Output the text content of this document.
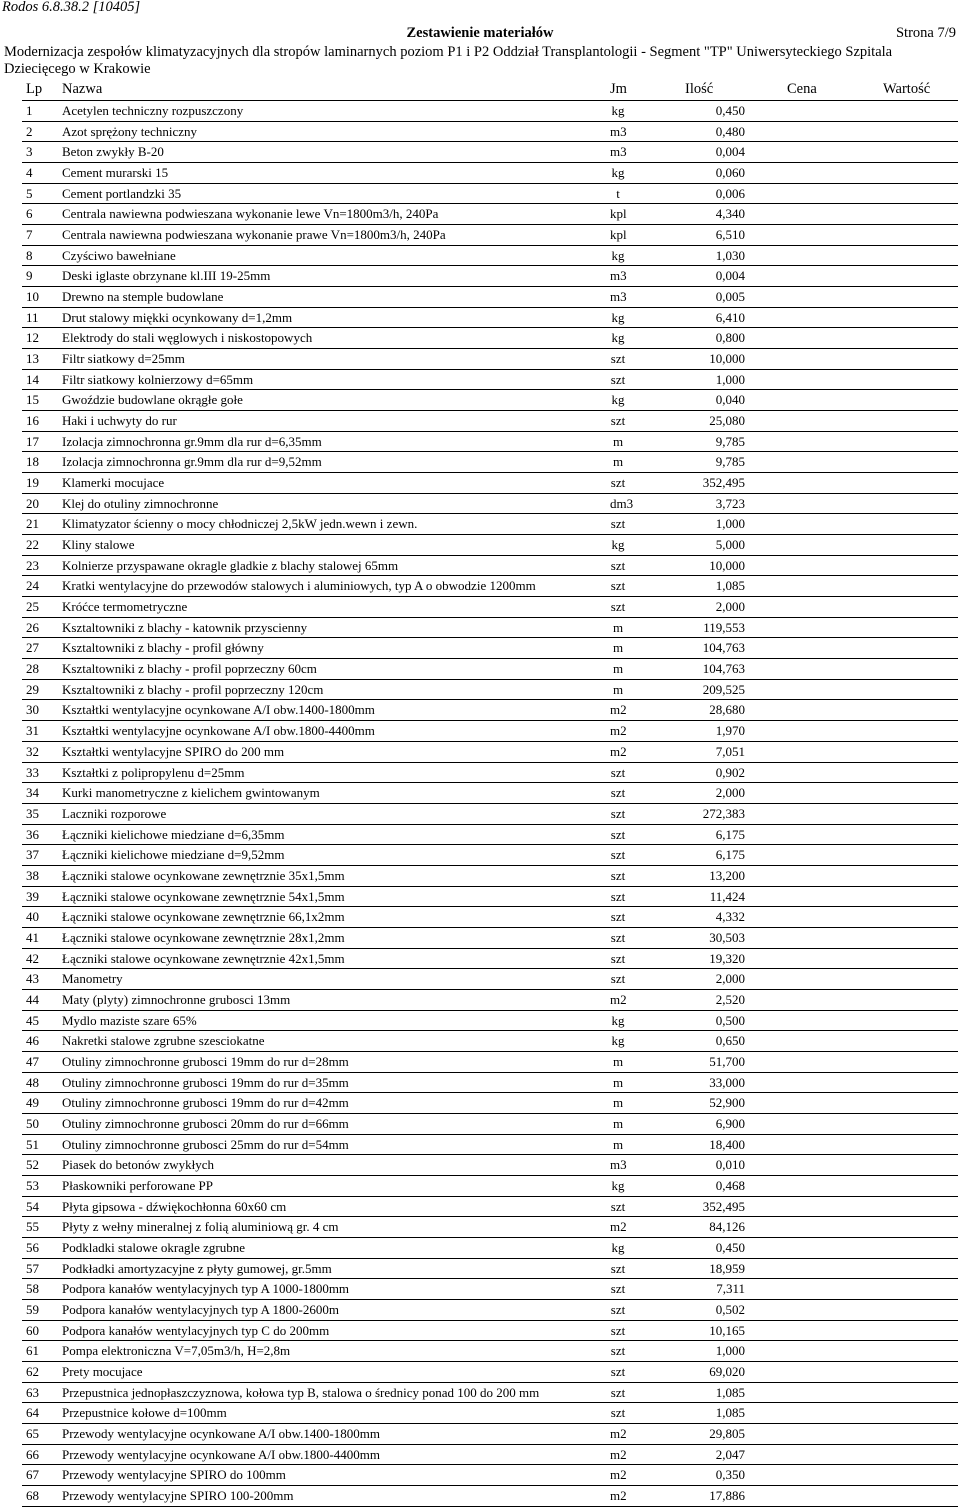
Rodos 6.8.38.2 [10405]
Zestawienie materiałów	Strona 7/9
Modernizacja zespołów klimatyzacyjnych dla stropów laminarnych poziom P1 i P2 Oddział Transplantologii - Segment "TP" Uniwersyteckiego Szpitala Dziecięcego w Krakowie
Lp Nazwa	Jm	Ilość	Cena	Wartość
1 Acetylen techniczny rozpuszczony	kg	0,450
2 Azot sprężony techniczny	m3	0,480
3 Beton zwykły B-20	m3	0,004
4 Cement murarski 15	kg	0,060
5 Cement portlandzki 35	t	0,006
6 Centrala nawiewna podwieszana wykonanie lewe Vn=1800m3/h, 240Pa	kpl	4,340
7 Centrala nawiewna podwieszana wykonanie prawe Vn=1800m3/h, 240Pa	kpl	6,510
8 Czyściwo bawełniane	kg	1,030
9 Deski iglaste obrzynane kl.III 19-25mm	m3	0,004
10 Drewno na stemple budowlane	m3	0,005
11 Drut stalowy miękki ocynkowany d=1,2mm	kg	6,410
12 Elektrody do stali węglowych i niskostopowych	kg	0,800
13 Filtr siatkowy d=25mm	szt	10,000
14 Filtr siatkowy kolnierzowy d=65mm	szt	1,000
15 Gwoździe budowlane okrągłe gołe	kg	0,040
16 Haki i uchwyty do rur	szt	25,080
17 Izolacja zimnochronna gr.9mm dla rur d=6,35mm	m	9,785
18 Izolacja zimnochronna gr.9mm dla rur d=9,52mm	m	9,785
19 Klamerki mocujace	szt	352,495
20 Klej do otuliny zimnochronne	dm3	3,723
21 Klimatyzator ścienny o mocy chłodniczej 2,5kW jedn.wewn i zewn.	szt	1,000
22 Kliny stalowe	kg	5,000
23 Kolnierze przyspawane okragle gladkie z blachy stalowej 65mm	szt	10,000
24 Kratki wentylacyjne do przewodów stalowych i aluminiowych, typ A o obwodzie 1200mm	szt	1,085
25 Króćce termometryczne	szt	2,000
26 Ksztaltowniki z blachy - katownik przyscienny	m	119,553
27 Ksztaltowniki z blachy - profil główny	m	104,763
28 Ksztaltowniki z blachy - profil poprzeczny 60cm	m	104,763
29 Ksztaltowniki z blachy - profil poprzeczny 120cm	m	209,525
30 Kształtki wentylacyjne ocynkowane A/I obw.1400-1800mm	m2	28,680
31 Kształtki wentylacyjne ocynkowane A/I obw.1800-4400mm	m2	1,970
32 Kształtki wentylacyjne SPIRO do 200 mm	m2	7,051
33 Kształtki z polipropylenu d=25mm	szt	0,902
34 Kurki manometryczne z kielichem gwintowanym	szt	2,000
35 Laczniki rozporowe	szt	272,383
36 Łączniki kielichowe miedziane d=6,35mm	szt	6,175
37 Łączniki kielichowe miedziane d=9,52mm	szt	6,175
38 Łączniki stalowe ocynkowane zewnętrznie 35x1,5mm	szt	13,200
39 Łączniki stalowe ocynkowane zewnętrznie 54x1,5mm	szt	11,424
40 Łączniki stalowe ocynkowane zewnętrznie 66,1x2mm	szt	4,332
41 Łączniki stalowe ocynkowane zewnętrznie 28x1,2mm	szt	30,503
42 Łączniki stalowe ocynkowane zewnętrznie 42x1,5mm	szt	19,320
43 Manometry	szt	2,000
44 Maty (plyty) zimnochronne grubosci 13mm	m2	2,520
45 Mydlo maziste szare 65%	kg	0,500
46 Nakretki stalowe zgrubne szesciokatne	kg	0,650
47 Otuliny zimnochronne grubosci 19mm do rur d=28mm	m	51,700
48 Otuliny zimnochronne grubosci 19mm do rur d=35mm	m	33,000
49 Otuliny zimnochronne grubosci 19mm do rur d=42mm	m	52,900
50 Otuliny zimnochronne grubosci 20mm do rur d=66mm	m	6,900
51 Otuliny zimnochronne grubosci 25mm do rur d=54mm	m	18,400
52 Piasek do betonów zwykłych	m3	0,010
53 Płaskowniki perforowane PP	kg	0,468
54 Płyta gipsowa - dźwiękochłonna 60x60 cm	szt	352,495
55 Płyty z wełny mineralnej z folią aluminiową gr. 4 cm	m2	84,126
56 Podkladki stalowe okragle zgrubne	kg	0,450
57 Podkładki amortyzacyjne z płyty gumowej, gr.5mm	szt	18,959
58 Podpora kanałów wentylacyjnych typ A 1000-1800mm	szt	7,311
59 Podpora kanałów wentylacyjnych typ A 1800-2600m	szt	0,502
60 Podpora kanałów wentylacyjnych typ C do 200mm	szt	10,165
61 Pompa elektroniczna V=7,05m3/h, H=2,8m	szt	1,000
62 Prety mocujace	szt	69,020
63 Przepustnica jednopłaszczyznowa, kołowa typ B, stalowa o średnicy ponad 100 do 200 mm	szt	1,085
64 Przepustnice kołowe d=100mm	szt	1,085
65 Przewody wentylacyjne ocynkowane A/I obw.1400-1800mm	m2	29,805
66 Przewody wentylacyjne ocynkowane A/I obw.1800-4400mm	m2	2,047
67 Przewody wentylacyjne SPIRO do 100mm	m2	0,350
68 Przewody wentylacyjne SPIRO 100-200mm	m2	17,886
